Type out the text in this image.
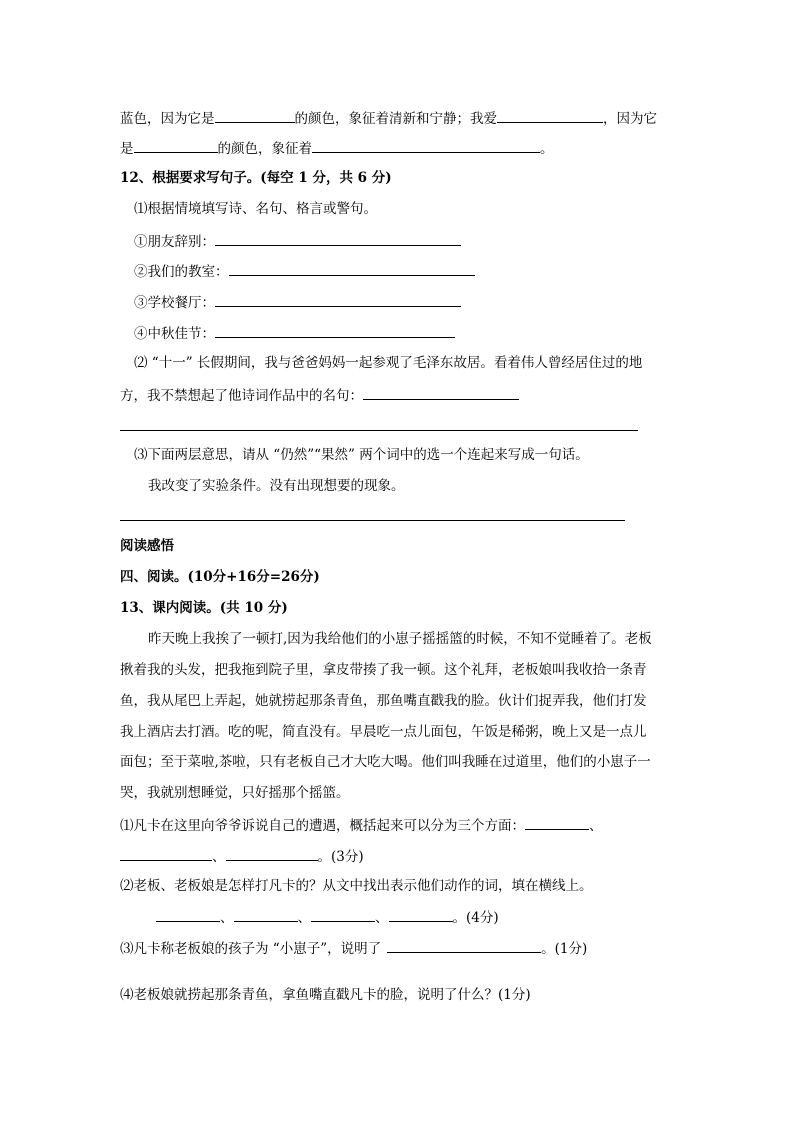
蓝色，因为它是	的颜色，象征着清新和宁静；我爱	，因为它
是	的颜色，象征着	。
12、根据要求写句子。(每空 1 分，共 6 分)
⑴根据情境填写诗、名句、格言或警句。
①朋友辞别：
②我们的教室：
③学校餐厅：
④中秋佳节：
⑵ “十一” 长假期间，我与爸爸妈妈一起参观了毛泽东故居。看着伟人曾经居住过的地
方，我不禁想起了他诗词作品中的名句：
⑶下面两层意思，请从 “仍然”“果然” 两个词中的选一个连起来写成一句话。
我改变了实验条件。没有出现想要的现象。
阅读感悟
四、阅读。(10分+16分=26分)
13、课内阅读。(共 10 分)
昨天晚上我挨了一顿打,因为我给他们的小崽子摇摇篮的时候，不知不觉睡着了。老板
揪着我的头发，把我拖到院子里，拿皮带揍了我一顿。这个礼拜，老板娘叫我收拾一条青
鱼，我从尾巴上弄起，她就捞起那条青鱼，那鱼嘴直戳我的脸。伙计们捉弄我，他们打发
我上酒店去打酒。吃的呢，简直没有。早晨吃一点儿面包，午饭是稀粥，晚上又是一点儿
面包；至于菜啦,茶啦，只有老板自己才大吃大喝。他们叫我睡在过道里，他们的小崽子一
哭，我就别想睡觉，只好摇那个摇篮。
⑴凡卡在这里向爷爷诉说自己的遭遇，概括起来可以分为三个方面：	、
、	。(3分)
⑵老板、老板娘是怎样打凡卡的？从文中找出表示他们动作的词，填在横线上。
、	、	、	。(4分)
⑶凡卡称老板娘的孩子为 “小崽子”，说明了	。(1分)
⑷老板娘就捞起那条青鱼，拿鱼嘴直戳凡卡的脸，说明了什么？(1分)
